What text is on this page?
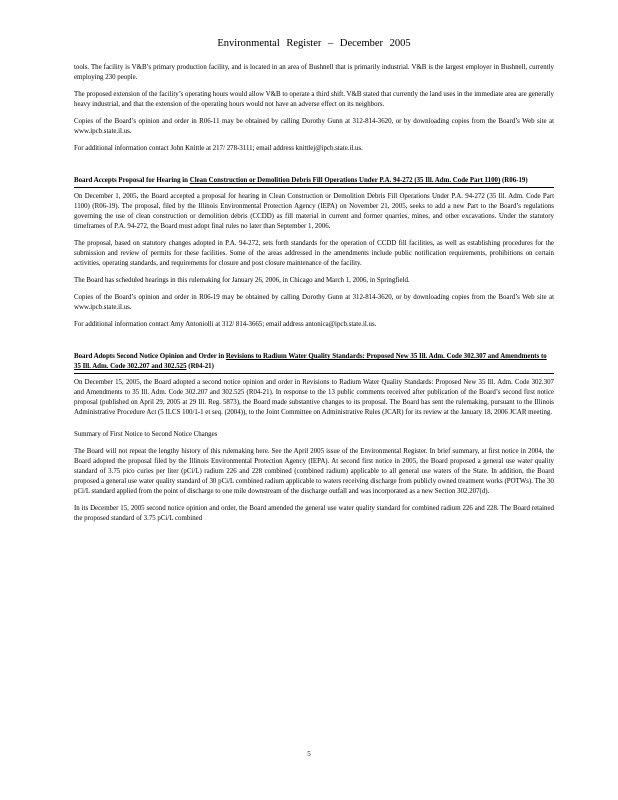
Environmental Register – December 2005

tools. The facility is V&B’s primary production facility, and is located in an area of Bushnell that is primarily industrial. V&B is the largest employer in Bushnell, currently employing 230 people.

The proposed extension of the facility’s operating hours would allow V&B to operate a third shift. V&B stated that currently the land uses in the immediate area are generally heavy industrial, and that the extension of the operating hours would not have an adverse effect on its neighbors.

Copies of the Board’s opinion and order in R06-11 may be obtained by calling Dorothy Gunn at 312-814-3620, or by downloading copies from the Board’s Web site at www.ipcb.state.il.us.

For additional information contact John Knittle at 217/ 278-3111; email address knittlej@ipcb.state.il.us.

Board Accepts Proposal for Hearing in Clean Construction or Demolition Debris Fill Operations Under P.A. 94-272 (35 Ill. Adm. Code Part 1100) (R06-19)

On December 1, 2005, the Board accepted a proposal for hearing in Clean Construction or Demolition Debris Fill Operations Under P.A. 94-272 (35 Ill. Adm. Code Part 1100) (R06-19). The proposal, filed by the Illinois Environmental Protection Agency (IEPA) on November 21, 2005, seeks to add a new Part to the Board’s regulations governing the use of clean construction or demolition debris (CCDD) as fill material in current and former quarries, mines, and other excavations. Under the statutory timeframes of P.A. 94-272, the Board must adopt final rules no later than September 1, 2006.

The proposal, based on statutory changes adopted in P.A. 94-272, sets forth standards for the operation of CCDD fill facilities, as well as establishing procedures for the submission and review of permits for these facilities. Some of the areas addressed in the amendments include public notification requirements, prohibitions on certain activities, operating standards, and requirements for closure and post closure maintenance of the facility.

The Board has scheduled hearings in this rulemaking for January 26, 2006, in Chicago and March 1, 2006, in Springfield.

Copies of the Board’s opinion and order in R06-19 may be obtained by calling Dorothy Gunn at 312-814-3620, or by downloading copies from the Board’s Web site at www.ipcb.state.il.us.

For additional information contact Amy Antoniolli at 312/ 814-3665; email address antonica@ipcb.state.il.us.

Board Adopts Second Notice Opinion and Order in Revisions to Radium Water Quality Standards: Proposed New 35 Ill. Adm. Code 302.307 and Amendments to 35 Ill. Adm. Code 302.207 and 302.525 (R04-21)

On December 15, 2005, the Board adopted a second notice opinion and order in Revisions to Radium Water Quality Standards: Proposed New 35 Ill. Adm. Code 302.307 and Amendments to 35 Ill. Adm. Code 302.207 and 302.525 (R04-21). In response to the 13 public comments received after publication of the Board’s second first notice proposal (published on April 29, 2005 at 29 Ill. Reg. 5873), the Board made substantive changes to its proposal. The Board has sent the rulemaking, pursuant to the Illinois Administrative Procedure Act (5 ILCS 100/1-1 et seq. (2004)), to the Joint Committee on Administrative Rules (JCAR) for its review at the January 18, 2006 JCAR meeting.

Summary of First Notice to Second Notice Changes

The Board will not repeat the lengthy history of this rulemaking here. See the April 2005 issue of the Environmental Register. In brief summary, at first notice in 2004, the Board adopted the proposal filed by the Illinois Environmental Protection Agency (IEPA). At second first notice in 2005, the Board proposed a general use water quality standard of 3.75 pico curies per liter (pCi/L) radium 226 and 228 combined (combined radium) applicable to all general use waters of the State. In addition, the Board proposed a general use water quality standard of 30 pCi/L combined radium applicable to waters receiving discharge from publicly owned treatment works (POTWs). The 30 pCi/L standard applied from the point of discharge to one mile downstream of the discharge outfall and was incorporated as a new Section 302.207(d).

In its December 15, 2005 second notice opinion and order, the Board amended the general use water quality standard for combined radium 226 and 228. The Board retained the proposed standard of 3.75 pCi/L combined

5
